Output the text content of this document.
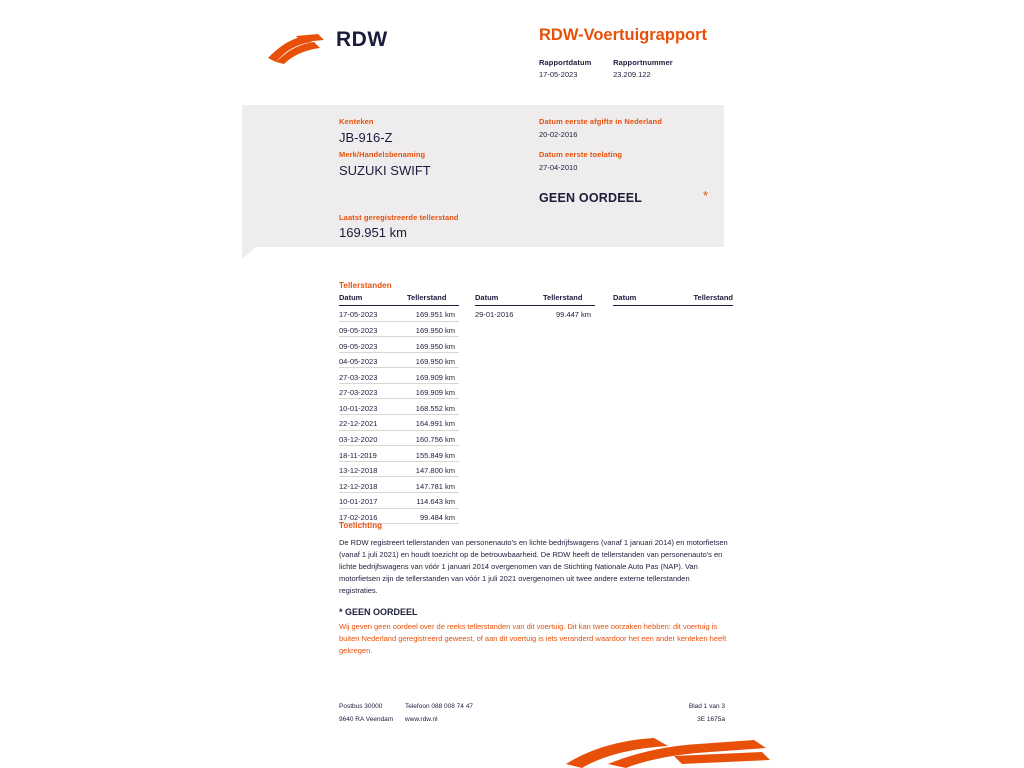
RDW	RDW-Voertuigrapport
Rapportdatum
17-05-2023

Rapportnummer
23.209.122
Kenteken
JB-916-Z
Merk/Handelsbenaming
SUZUKI SWIFT
Laatst geregistreerde tellerstand
169.951 km
Datum eerste afgifte in Nederland
20-02-2016
Datum eerste toelating
27-04-2010
GEEN OORDEEL	*
Tellerstanden
Datum	Tellerstand
17-05-2023	169.951 km
09-05-2023	169.950 km
09-05-2023	169.950 km
04-05-2023	169.950 km
27-03-2023	169.909 km
27-03-2023	169.909 km
10-01-2023	168.552 km
22-12-2021	164.991 km
03-12-2020	160.756 km
18-11-2019	155.849 km
13-12-2018	147.800 km
12-12-2018	147.781 km
10-01-2017	114.643 km
17-02-2016	99.484 km
Datum	Tellerstand
29-01-2016	99.447 km
Datum	Tellerstand
Toelichting
De RDW registreert tellerstanden van personenauto's en lichte bedrijfswagens (vanaf 1 januari 2014) en motorfietsen (vanaf 1 juli 2021) en houdt toezicht op de betrouwbaarheid. De RDW heeft de tellerstanden van personenauto's en lichte bedrijfswagens van vóór 1 januari 2014 overgenomen van de Stichting Nationale Auto Pas (NAP). Van motorfietsen zijn de tellerstanden van vóór 1 juli 2021 overgenomen uit twee andere externe tellerstanden registraties.
* GEEN OORDEEL
Wij geven geen oordeel over de reeks tellerstanden van dit voertuig. Dit kan twee oorzaken hebben: dit voertuig is buiten Nederland geregistreerd geweest, of aan dit voertuig is iets veranderd waardoor het een ander kenteken heeft gekregen.
Postbus 30000	Telefoon 088 008 74 47	Blad 1 van 3
9640 RA Veendam	www.rdw.nl	3E 1675a
